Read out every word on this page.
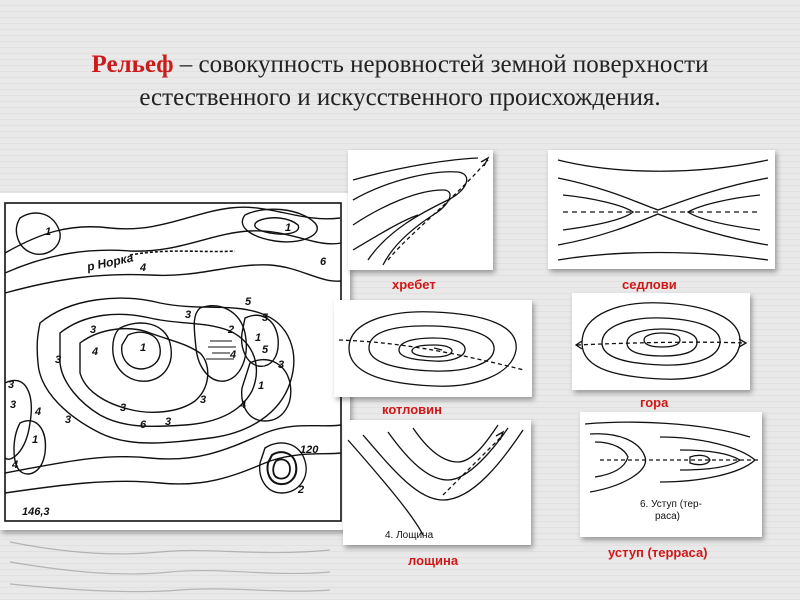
Рельеф – совокупность неровностей земной поверхности естественного и искусственного происхождения.
р Норка
1	1
1
1
1
1
2
2
3
3
3
3
3
3
3
3
3
3
4
4
4	4
4
4
5
5
5
6
6
120
146,3
хребет	седлови
котловин	гора
4. Лощина
лощина
6. Уступ (тер-
раса)
уступ (терраса)
